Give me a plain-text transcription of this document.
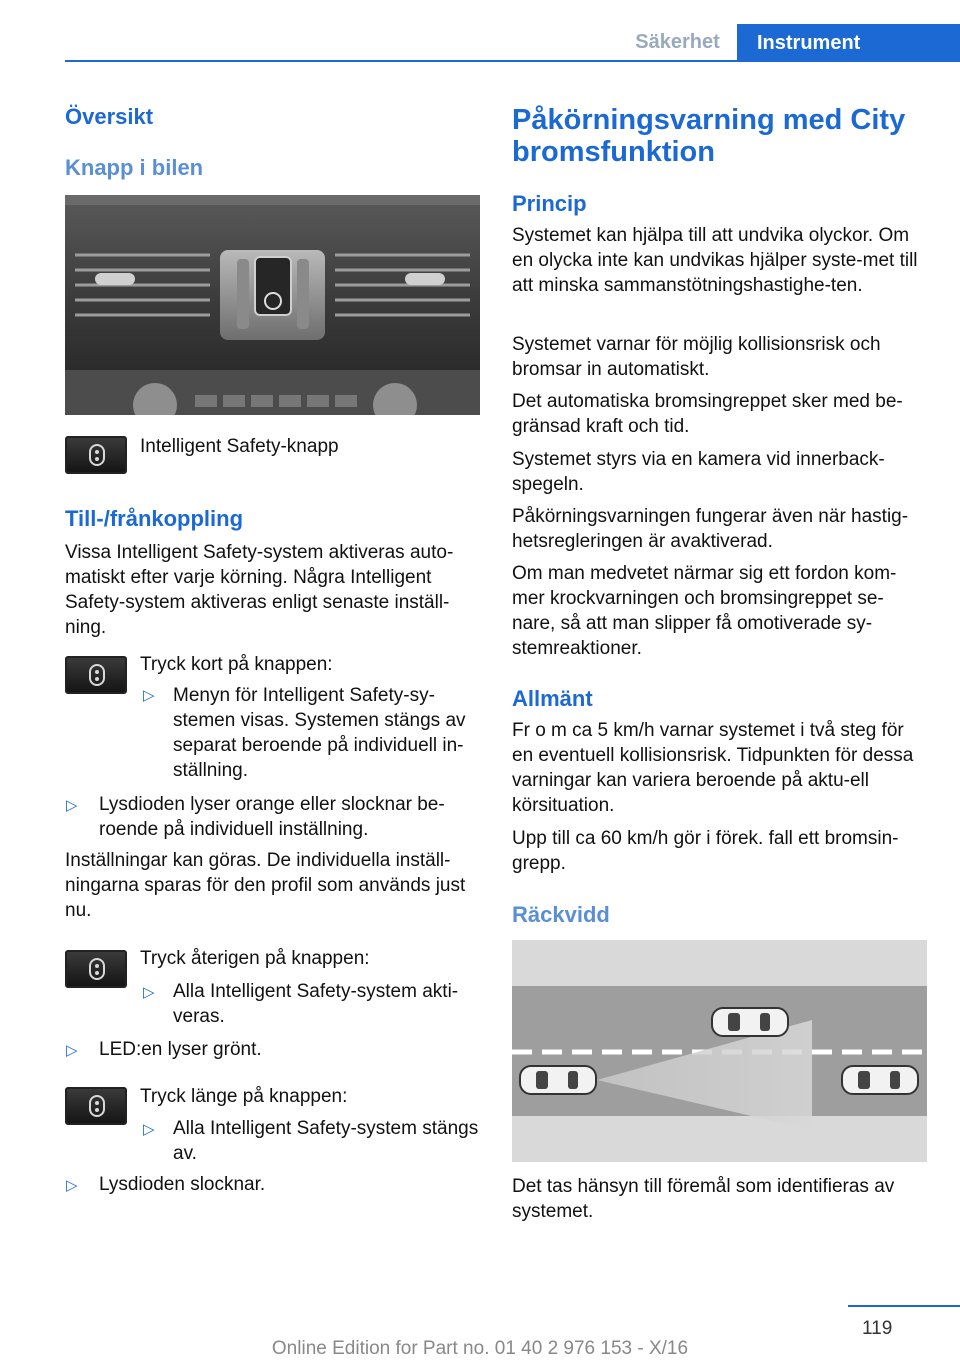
Säkerhet	Instrument
Översikt
Knapp i bilen
Intelligent Safety-knapp
Till-/frånkoppling

Vissa Intelligent Safety-system aktiveras auto-matiskt efter varje körning. Några Intelligent Safety-system aktiveras enligt senaste inställ-ning.

Tryck kort på knappen:
▷ Menyn för Intelligent Safety-sy-stemen visas. Systemen stängs av separat beroende på individuell in-ställning.

▷ Lysdioden lyser orange eller slocknar be-roende på individuell inställning.

Inställningar kan göras. De individuella inställ-ningarna sparas för den profil som används just nu.

Tryck återigen på knappen:
▷ Alla Intelligent Safety-system akti-veras.

▷ LED:en lyser grönt.

Tryck länge på knappen:
▷ Alla Intelligent Safety-system stängs av.

▷ Lysdioden slocknar.

Påkörningsvarning med City
bromsfunktion
Princip

Systemet kan hjälpa till att undvika olyckor. Om en olycka inte kan undvikas hjälper syste-met till att minska sammanstötningshastighe-ten.

Systemet varnar för möjlig kollisionsrisk och bromsar in automatiskt.

Det automatiska bromsingreppet sker med be-gränsad kraft och tid.

Systemet styrs via en kamera vid innerback-spegeln.

Påkörningsvarningen fungerar även när hastig-hetsregleringen är avaktiverad.

Om man medvetet närmar sig ett fordon kom-mer krockvarningen och bromsingreppet se-nare, så att man slipper få omotiverade sy-stemreaktioner.

Allmänt

Fr o m ca 5 km/h varnar systemet i två steg för en eventuell kollisionsrisk. Tidpunkten för dessa varningar kan variera beroende på aktu-ell körsituation.

Upp till ca 60 km/h gör i förek. fall ett bromsin-grepp.

Räckvidd

Det tas hänsyn till föremål som identifieras av systemet.

119
Online Edition for Part no. 01 40 2 976 153 - X/16
